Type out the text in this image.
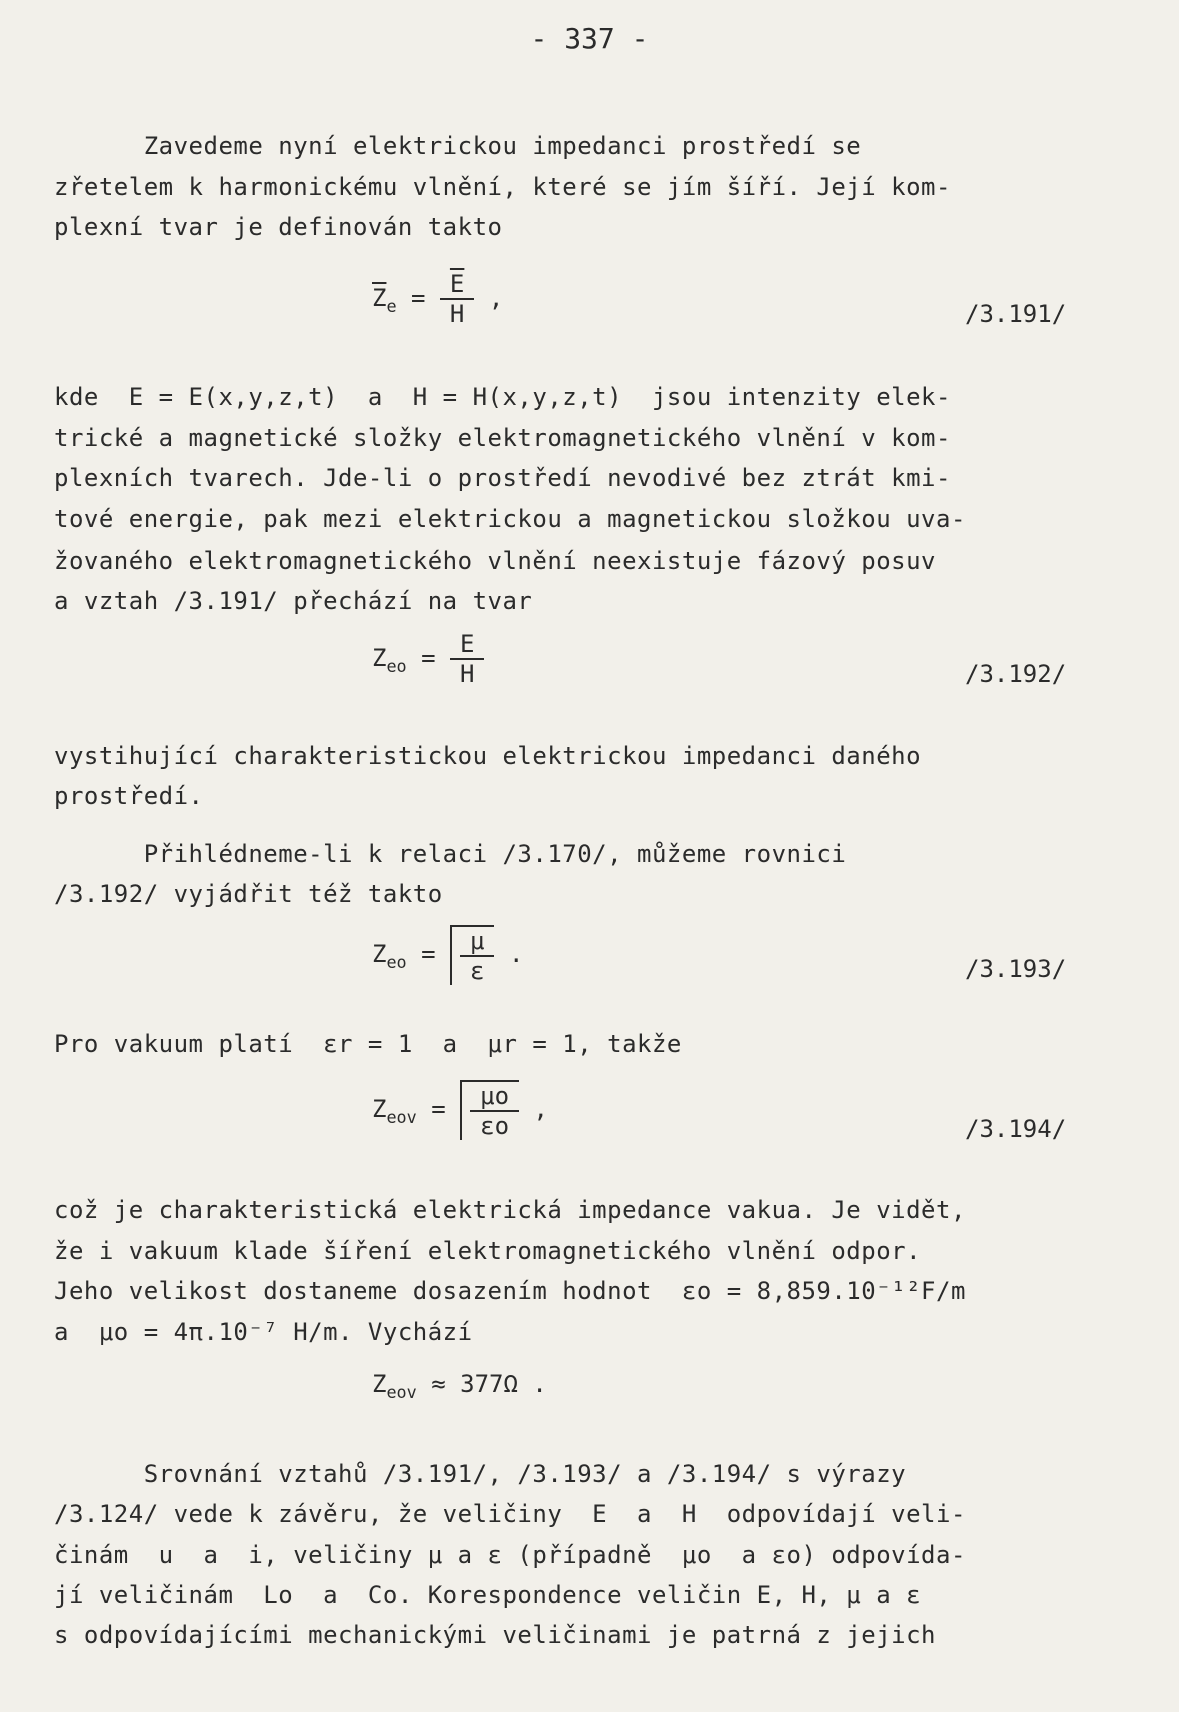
- 337 -
Zavedeme nyní elektrickou impedanci prostředí se
zřetelem k harmonickému vlnění, které se jím šíří. Její kom-
plexní tvar je definován takto
$\overline{Z}_e = \frac{\overline{E}}{H}$ ,
/3.191/
kde  E = E(x,y,z,t)  a  H = H(x,y,z,t)  jsou intenzity elek-
trické a magnetické složky elektromagnetického vlnění v kom-
plexních tvarech. Jde-li o prostředí nevodivé bez ztrát kmi-
tové energie, pak mezi elektrickou a magnetickou složkou uva-
žovaného elektromagnetického vlnění neexistuje fázový posuv
a vztah /3.191/ přechází na tvar
$Z_{eo} = \frac{E}{H}$	/3.192/
vystihující charakteristickou elektrickou impedanci daného
prostředí.
Přihlédneme-li k relaci /3.170/, můžeme rovnici
/3.192/ vyjádřit též takto
$Z_{eo} = \frac{\mu}{\varepsilon}$ .
/3.193/
Pro vakuum platí  εr = 1  a  μr = 1, takže
$Z_{eov} = \frac{\mu o}{\varepsilon o}$ ,
/3.194/
což je charakteristická elektrická impedance vakua. Je vidět,
že i vakuum klade šíření elektromagnetického vlnění odpor.
Jeho velikost dostaneme dosazením hodnot  εo = 8,859.10⁻¹²F/m
a  μo = 4π.10⁻⁷ H/m. Vychází
$Z_{eov} \approx 377\Omega$ .
Srovnání vztahů /3.191/, /3.193/ a /3.194/ s výrazy
/3.124/ vede k závěru, že veličiny  E  a  H  odpovídají veli-
činám  u  a  i, veličiny μ a ε (případně  μo  a εo) odpovída-
jí veličinám  Lo  a  Co. Korespondence veličin E, H, μ a ε
s odpovídajícími mechanickými veličinami je patrná z jejich
